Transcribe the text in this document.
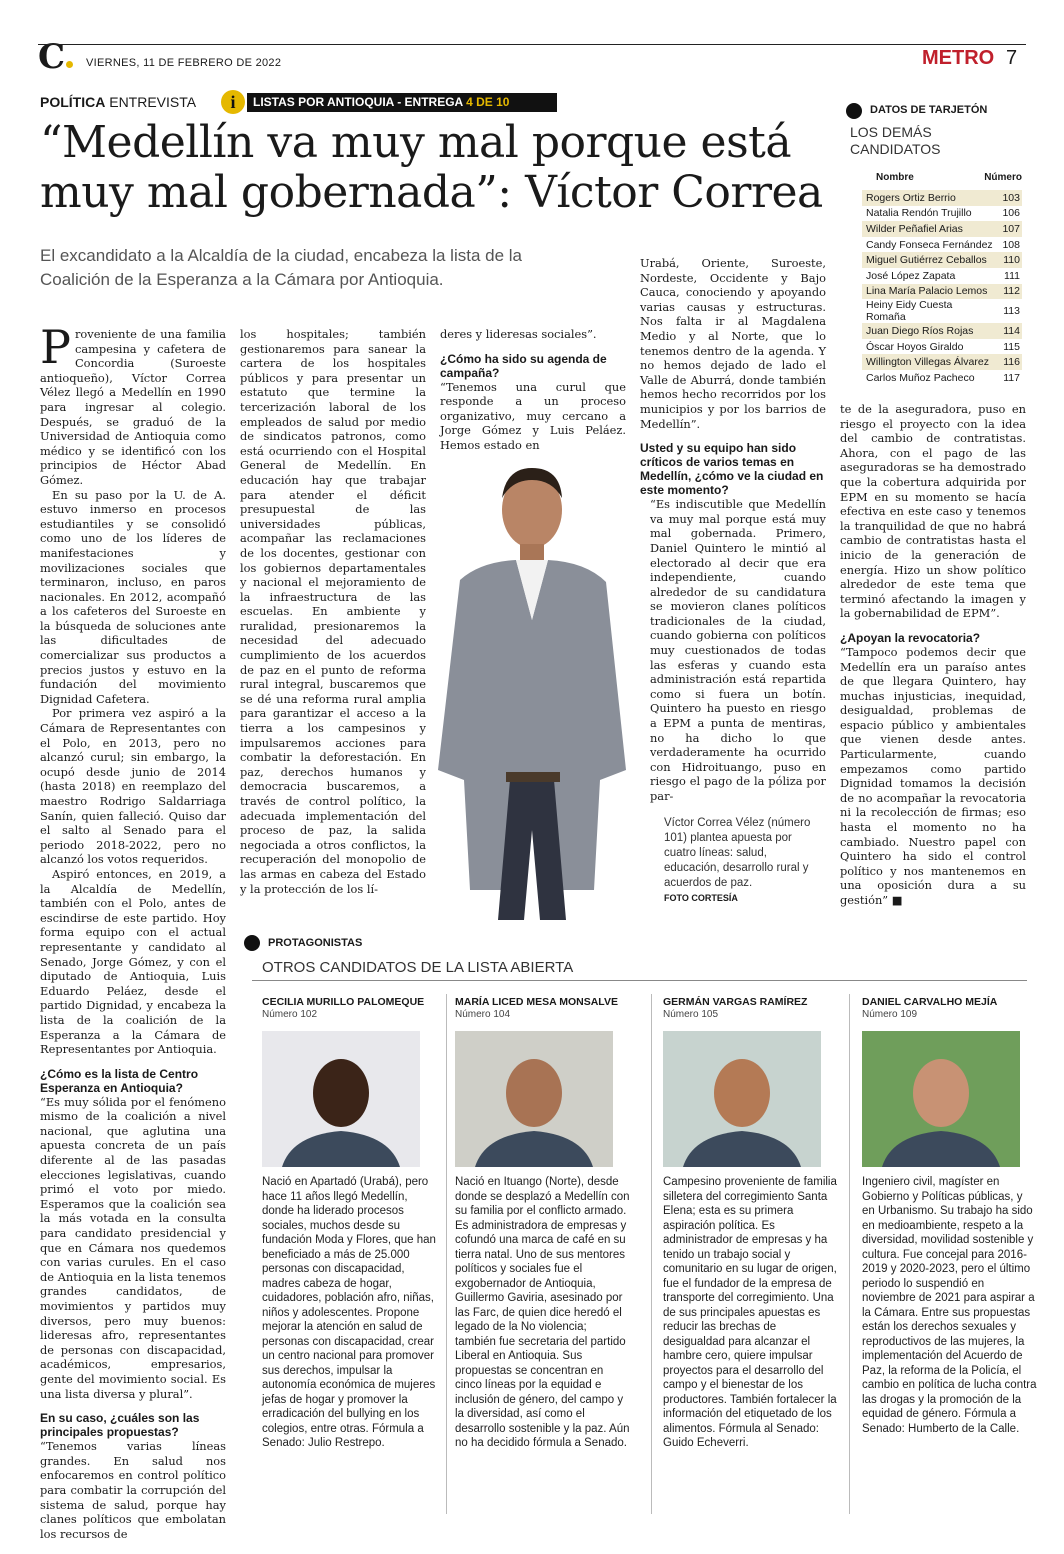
C	VIERNES, 11 DE FEBRERO DE 2022	METRO 7
POLÍTICA ENTREVISTA	i	LISTAS POR ANTIOQUIA - ENTREGA 4 DE 10
“Medellín va muy mal porque está muy mal gobernada”: Víctor Correa
El excandidato a la Alcaldía de la ciudad, encabeza la lista de la Coalición de la Esperanza a la Cámara por Antioquia.

Proveniente de una familia campesina y cafetera de Concordia (Suroeste antioqueño), Víctor Correa Vélez llegó a Medellín en 1990 para ingresar al colegio. Después, se graduó de la Universidad de Antioquia como médico y se identificó con los principios de Héctor Abad Gómez.

En su paso por la U. de A. estuvo inmerso en procesos estudiantiles y se consolidó como uno de los líderes de manifestaciones y movilizaciones sociales que terminaron, incluso, en paros nacionales. En 2012, acompañó a los cafeteros del Suroeste en la búsqueda de soluciones ante las dificultades de comercializar sus productos a precios justos y estuvo en la fundación del movimiento Dignidad Cafetera.

Por primera vez aspiró a la Cámara de Representantes con el Polo, en 2013, pero no alcanzó curul; sin embargo, la ocupó desde junio de 2014 (hasta 2018) en reemplazo del maestro Rodrigo Saldarriaga Sanín, quien falleció. Quiso dar el salto al Senado para el periodo 2018-2022, pero no alcanzó los votos requeridos.

Aspiró entonces, en 2019, a la Alcaldía de Medellín, también con el Polo, antes de escindirse de este partido. Hoy forma equipo con el actual representante y candidato al Senado, Jorge Gómez, y con el diputado de Antioquia, Luis Eduardo Peláez, desde el partido Dignidad, y encabeza la lista de la coalición de la Esperanza a la Cámara de Representantes por Antioquia.

¿Cómo es la lista de Centro Esperanza en Antioquia?

“Es muy sólida por el fenómeno mismo de la coalición a nivel nacional, que aglutina una apuesta concreta de un país diferente al de las pasadas elecciones legislativas, cuando primó el voto por miedo. Esperamos que la coalición sea la más votada en la consulta para candidato presidencial y que en Cámara nos quedemos con varias curules. En el caso de Antioquia en la lista tenemos grandes candidatos, de movimientos y partidos muy diversos, pero muy buenos: lideresas afro, representantes de personas con discapacidad, académicos, empresarios, gente del movimiento social. Es una lista diversa y plural”.

En su caso, ¿cuáles son las principales propuestas?

“Tenemos varias líneas grandes. En salud nos enfocaremos en control político para combatir la corrupción del sistema de salud, porque hay clanes políticos que embolatan los recursos de

los hospitales; también gestionaremos para sanear la cartera de los hospitales públicos y para presentar un estatuto que termine la tercerización laboral de los empleados de salud por medio de sindicatos patronos, como está ocurriendo con el Hospital General de Medellín. En educación hay que trabajar para atender el déficit presupuestal de las universidades públicas, acompañar las reclamaciones de los docentes, gestionar con los gobiernos departamentales y nacional el mejoramiento de la infraestructura de las escuelas. En ambiente y ruralidad, presionaremos la necesidad del adecuado cumplimiento de los acuerdos de paz en el punto de reforma rural integral, buscaremos que se dé una reforma rural amplia para garantizar el acceso a la tierra a los campesinos y impulsaremos acciones para combatir la deforestación. En paz, derechos humanos y democracia buscaremos, a través de control político, la adecuada implementación del proceso de paz, la salida negociada a otros conflictos, la recuperación del monopolio de las armas en cabeza del Estado y la protección de los lí-

deres y lideresas sociales”.

¿Cómo ha sido su agenda de campaña?

“Tenemos una curul que responde a un proceso organizativo, muy cercano a Jorge Gómez y Luis Peláez. Hemos estado en

Urabá, Oriente, Suroeste, Nordeste, Occidente y Bajo Cauca, conociendo y apoyando varias causas y estructuras. Nos falta ir al Magdalena Medio y al Norte, que lo tenemos dentro de la agenda. Y no hemos dejado de lado el Valle de Aburrá, donde también hemos hecho recorridos por los municipios y por los barrios de Medellín”.

Usted y su equipo han sido críticos de varios temas en Medellín, ¿cómo ve la ciudad en este momento?

“Es indiscutible que Medellín va muy mal porque está muy mal gobernada. Primero, Daniel Quintero le mintió al electorado al decir que era independiente, cuando alrededor de su candidatura se movieron clanes políticos tradicionales de la ciudad, cuando gobierna con políticos muy cuestionados de todas las esferas y cuando esta administración está repartida como si fuera un botín. Quintero ha puesto en riesgo a EPM a punta de mentiras, no ha dicho lo que verdaderamente ha ocurrido con Hidroituango, puso en riesgo el pago de la póliza por par-

Víctor Correa Vélez (número 101) plantea apuesta por cuatro líneas: salud, educación, desarrollo rural y acuerdos de paz.
FOTO CORTESÍA
DATOS DE TARJETÓN
LOS DEMÁS CANDIDATOS
Nombre	Número
Rogers Ortiz Berrio	103
Natalia Rendón Trujillo	106
Wilder Peñafiel Arias	107
Candy Fonseca Fernández	108
Miguel Gutiérrez Ceballos	110
José López Zapata	111
Lina María Palacio Lemos	112
Heiny Eidy Cuesta Romaña	113
Juan Diego Ríos Rojas	114
Óscar Hoyos Giraldo	115
Willington Villegas Álvarez	116
Carlos Muñoz Pacheco	117

te de la aseguradora, puso en riesgo el proyecto con la idea del cambio de contratistas. Ahora, con el pago de las aseguradoras se ha demostrado que la cobertura adquirida por EPM en su momento se hacía efectiva en este caso y tenemos la tranquilidad de que no habrá cambio de contratistas hasta el inicio de la generación de energía. Hizo un show político alrededor de este tema que terminó afectando la imagen y la gobernabilidad de EPM”.

¿Apoyan la revocatoria?

“Tampoco podemos decir que Medellín era un paraíso antes de que llegara Quintero, hay muchas injusticias, inequidad, desigualdad, problemas de espacio público y ambientales que vienen desde antes. Particularmente, cuando empezamos como partido Dignidad tomamos la decisión de no acompañar la revocatoria ni la recolección de firmas; eso hasta el momento no ha cambiado. Nuestro papel con Quintero ha sido el control político y nos mantenemos en una oposición dura a su gestión” ■

PROTAGONISTAS
OTROS CANDIDATOS DE LA LISTA ABIERTA
CECILIA MURILLO PALOMEQUE
Número 102
Nació en Apartadó (Urabá), pero hace 11 años llegó Medellín, donde ha liderado procesos sociales, muchos desde su fundación Moda y Flores, que han beneficiado a más de 25.000 personas con discapacidad, madres cabeza de hogar, cuidadores, población afro, niñas, niños y adolescentes. Propone mejorar la atención en salud de personas con discapacidad, crear un centro nacional para promover sus derechos, impulsar la autonomía económica de mujeres jefas de hogar y promover la erradicación del bullying en los colegios, entre otras. Fórmula a Senado: Julio Restrepo.
MARÍA LICED MESA MONSALVE
Número 104
Nació en Ituango (Norte), desde donde se desplazó a Medellín con su familia por el conflicto armado. Es administradora de empresas y cofundó una marca de café en su tierra natal. Uno de sus mentores políticos y sociales fue el exgobernador de Antioquia, Guillermo Gaviria, asesinado por las Farc, de quien dice heredó el legado de la No violencia; también fue secretaria del partido Liberal en Antioquia. Sus propuestas se concentran en cinco líneas por la equidad e inclusión de género, del campo y la diversidad, así como el desarrollo sostenible y la paz. Aún no ha decidido fórmula a Senado.
GERMÁN VARGAS RAMÍREZ
Número 105
Campesino proveniente de familia silletera del corregimiento Santa Elena; esta es su primera aspiración política. Es administrador de empresas y ha tenido un trabajo social y comunitario en su lugar de origen, fue el fundador de la empresa de transporte del corregimiento. Una de sus principales apuestas es reducir las brechas de desigualdad para alcanzar el hambre cero, quiere impulsar proyectos para el desarrollo del campo y el bienestar de los productores. También fortalecer la información del etiquetado de los alimentos. Fórmula al Senado: Guido Echeverri.
DANIEL CARVALHO MEJÍA
Número 109
Ingeniero civil, magíster en Gobierno y Políticas públicas, y en Urbanismo. Su trabajo ha sido en medioambiente, respeto a la diversidad, movilidad sostenible y cultura. Fue concejal para 2016-2019 y 2020-2023, pero el último periodo lo suspendió en noviembre de 2021 para aspirar a la Cámara. Entre sus propuestas están los derechos sexuales y reproductivos de las mujeres, la implementación del Acuerdo de Paz, la reforma de la Policía, el cambio en política de lucha contra las drogas y la promoción de la equidad de género. Fórmula a Senado: Humberto de la Calle.
